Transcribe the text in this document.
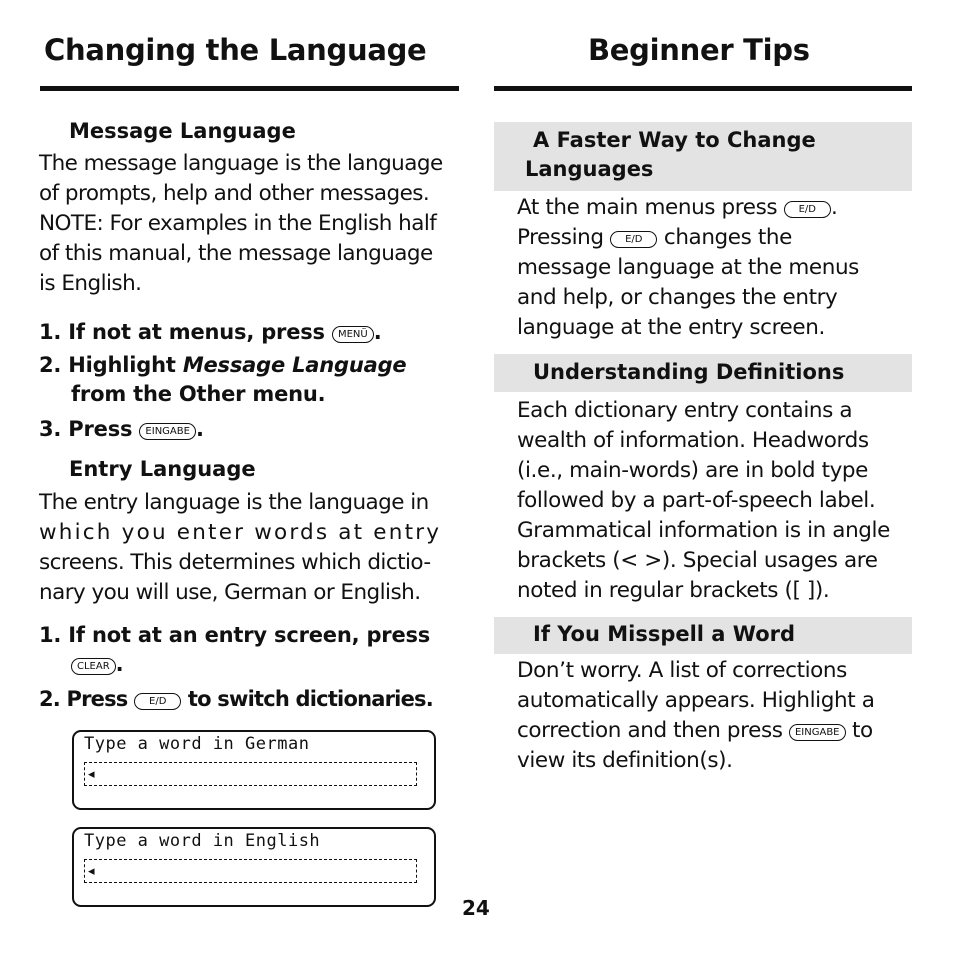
Changing the Language
Message Language
The message language is the language
of prompts, help and other messages.
NOTE: For examples in the English half
of this manual, the message language
is English.
1. If not at menus, press MENÜ .
2. Highlight Message Language
from the Other menu.
3. Press EINGABE .
Entry Language
The entry language is the language in
which you enter words at entry
screens. This determines which dictio-
nary you will use, German or English.
1. If not at an entry screen, press
CLEAR .
2. Press E/D to switch dictionaries.
Type a word in German
◂
Type a word in English
◂
Beginner Tips
A Faster Way to Change
Languages
At the main menus press E/D .
Pressing E/D changes the
message language at the menus
and help, or changes the entry
language at the entry screen.
Understanding Definitions
Each dictionary entry contains a
wealth of information. Headwords
(i.e., main-words) are in bold type
followed by a part-of-speech label.
Grammatical information is in angle
brackets (< >). Special usages are
noted in regular brackets ([ ]).
If You Misspell a Word
Don’t worry. A list of corrections
automatically appears. Highlight a
correction and then press EINGABE to
view its definition(s).
24
